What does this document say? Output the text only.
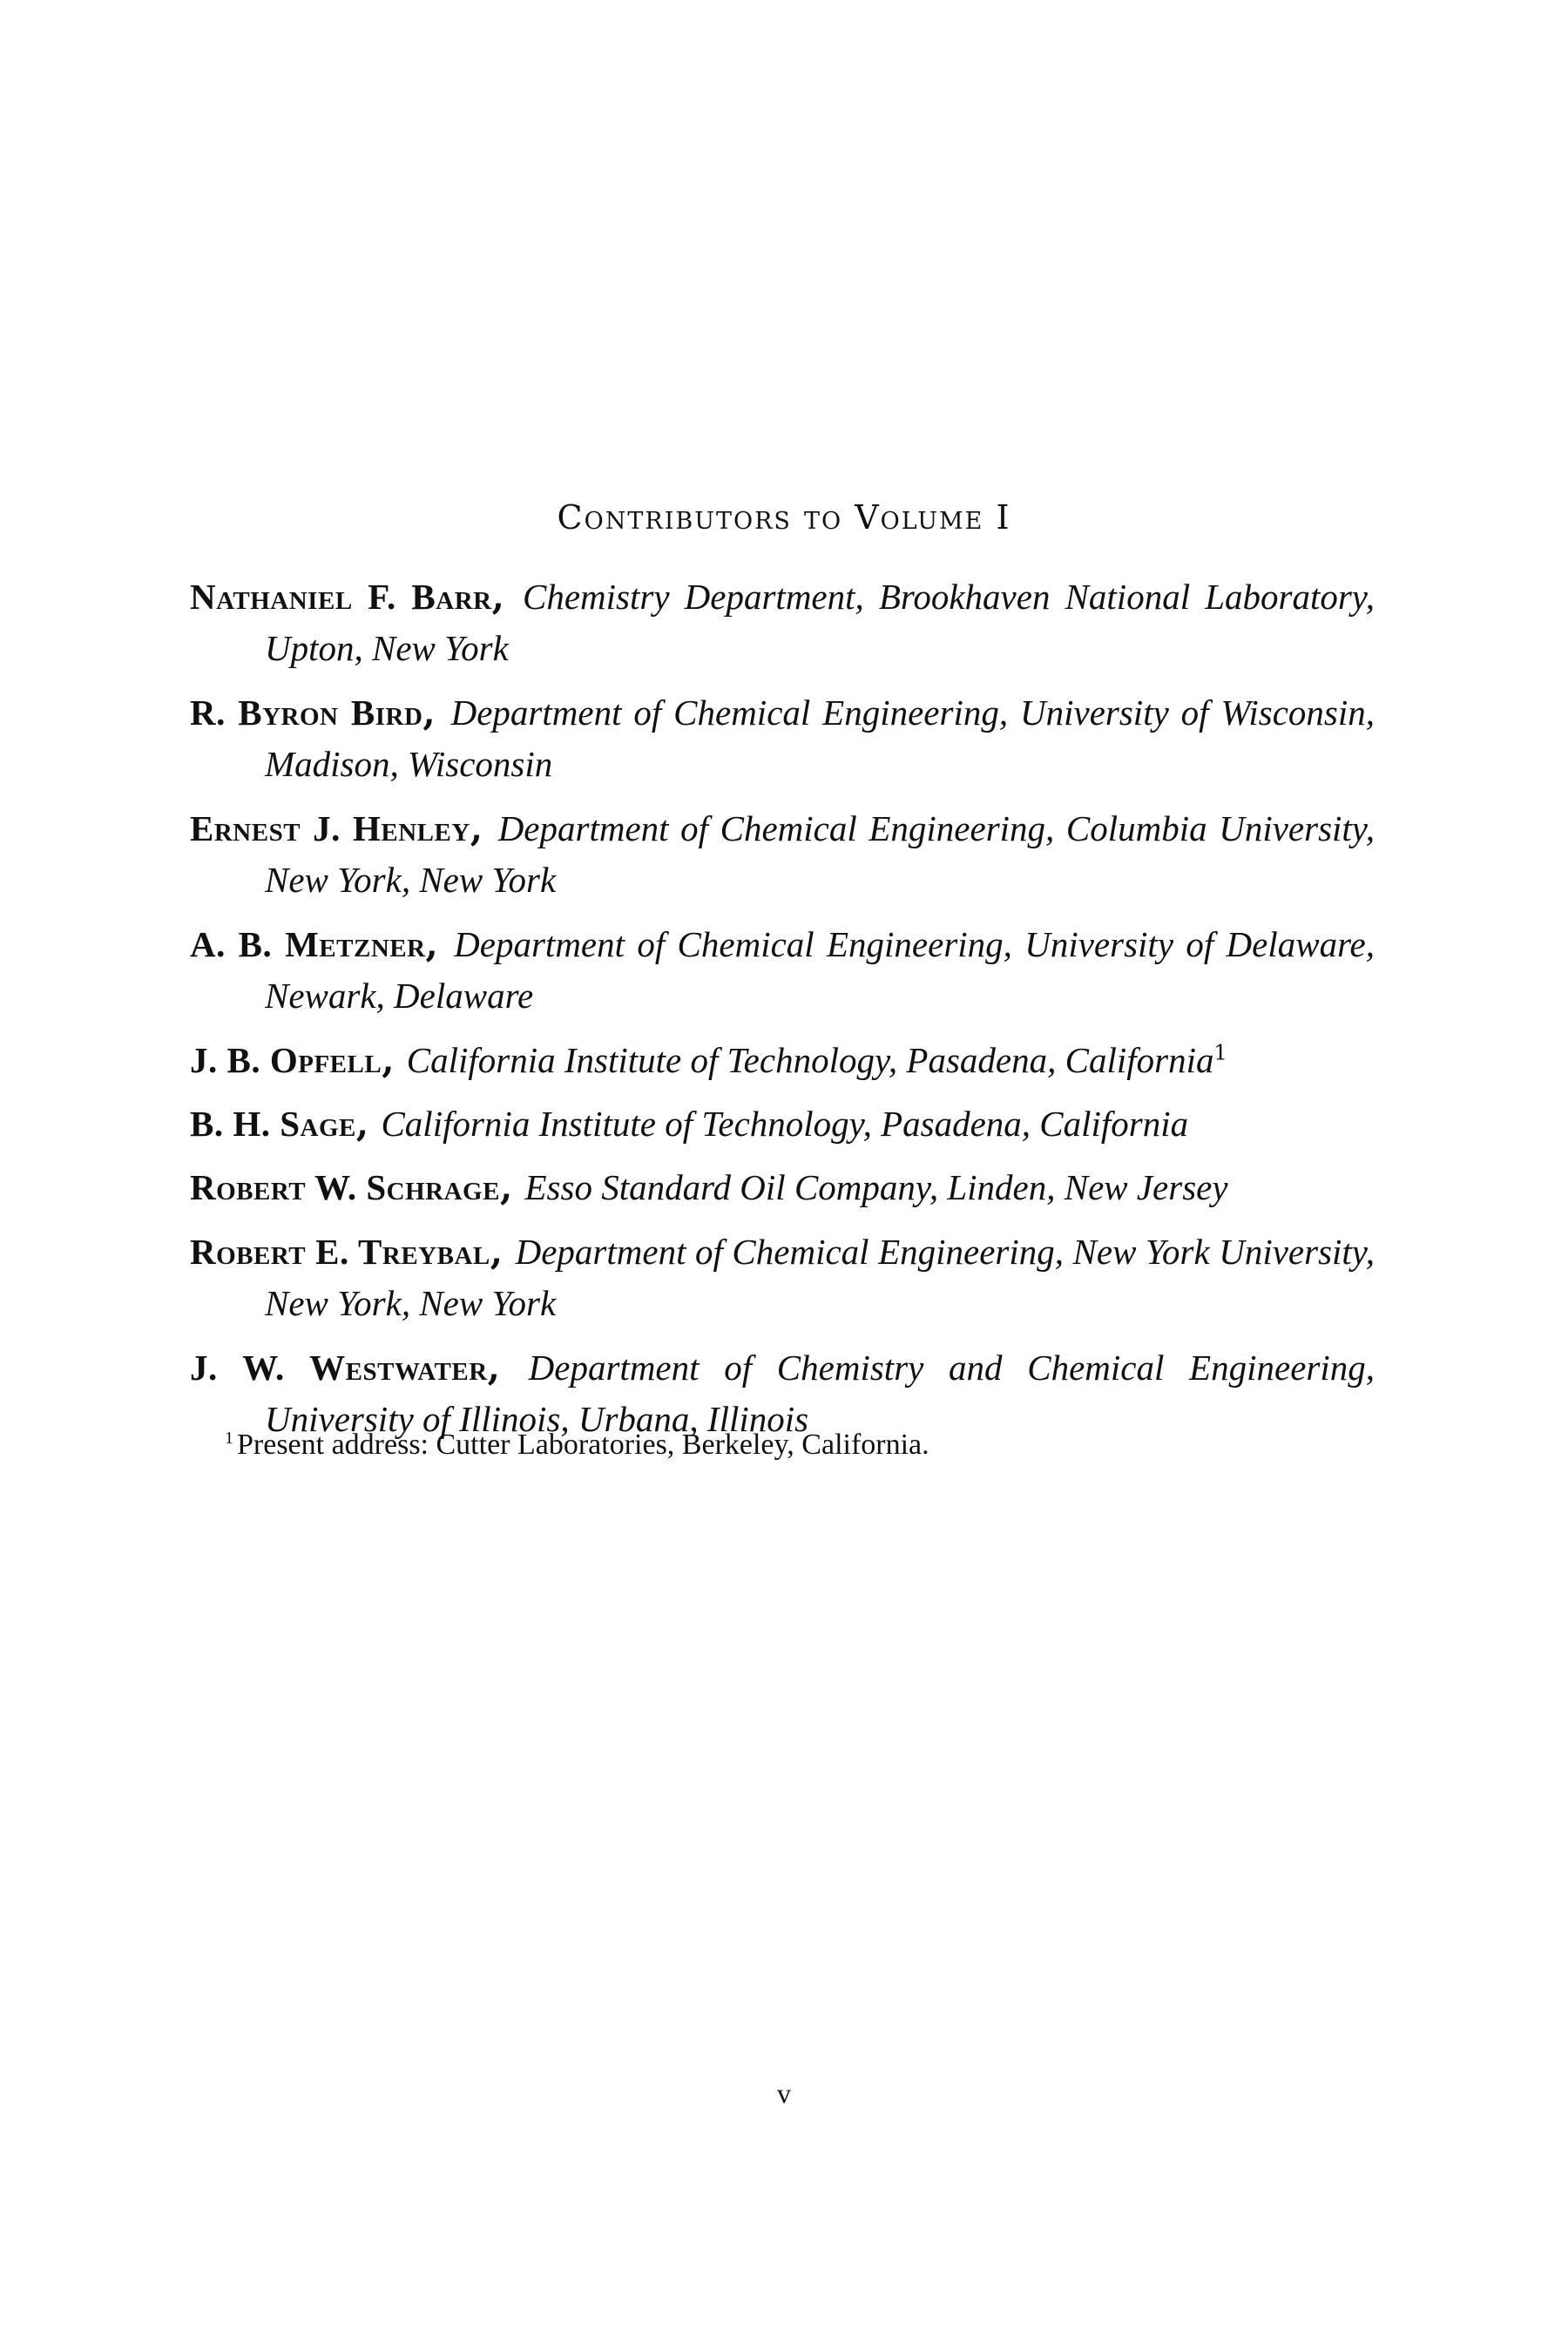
Contributors to Volume I
Nathaniel F. Barr, Chemistry Department, Brookhaven National Laboratory, Upton, New York
R. Byron Bird, Department of Chemical Engineering, University of Wisconsin, Madison, Wisconsin
Ernest J. Henley, Department of Chemical Engineering, Columbia University, New York, New York
A. B. Metzner, Department of Chemical Engineering, University of Delaware, Newark, Delaware
J. B. Opfell, California Institute of Technology, Pasadena, California$^1$
B. H. Sage, California Institute of Technology, Pasadena, California
Robert W. Schrage, Esso Standard Oil Company, Linden, New Jersey
Robert E. Treybal, Department of Chemical Engineering, New York University, New York, New York
J. W. Westwater, Department of Chemistry and Chemical Engineering, University of Illinois, Urbana, Illinois
$^1$ Present address: Cutter Laboratories, Berkeley, California.
v
